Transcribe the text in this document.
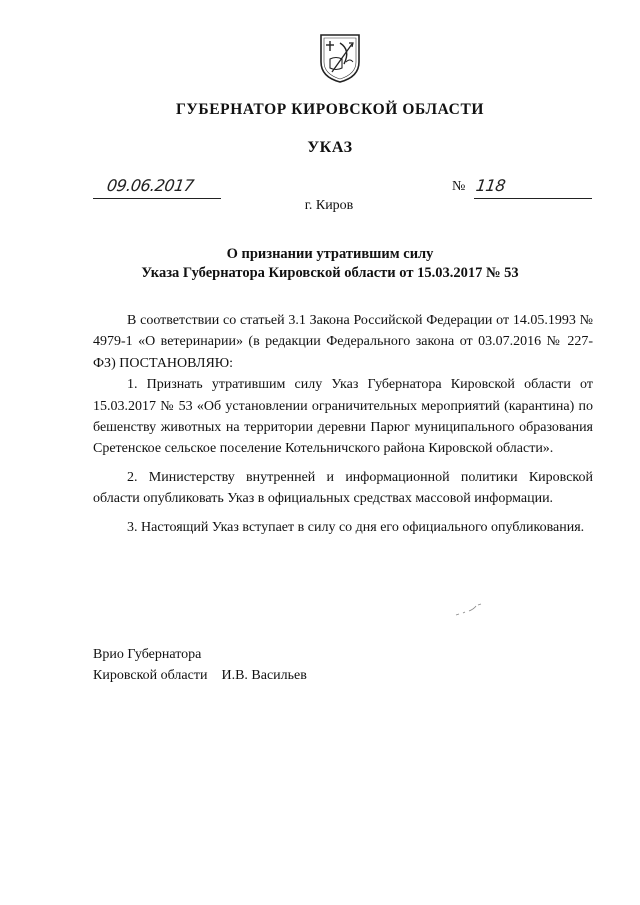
ГУБЕРНАТОР КИРОВСКОЙ ОБЛАСТИ
УКАЗ
09.06.2017	№ 118
г. Киров
О признании утратившим силу
Указа Губернатора Кировской области от 15.03.2017 № 53

В соответствии со статьей 3.1 Закона Российской Федерации от 14.05.1993 № 4979-1 «О ветеринарии» (в редакции Федерального закона от 03.07.2016 № 227-ФЗ) ПОСТАНОВЛЯЮ:

1. Признать утратившим силу Указ Губернатора Кировской области от 15.03.2017 № 53 «Об установлении ограничительных мероприятий (карантина) по бешенству животных на территории деревни Парюг муниципального образования Сретенское сельское поселение Котельничского района Кировской области».

2. Министерству внутренней и информационной политики Кировской области опубликовать Указ в официальных средствах массовой информации.

3. Настоящий Указ вступает в силу со дня его официального опубликования.

Врио Губернатора
Кировской области И.В. Васильев
